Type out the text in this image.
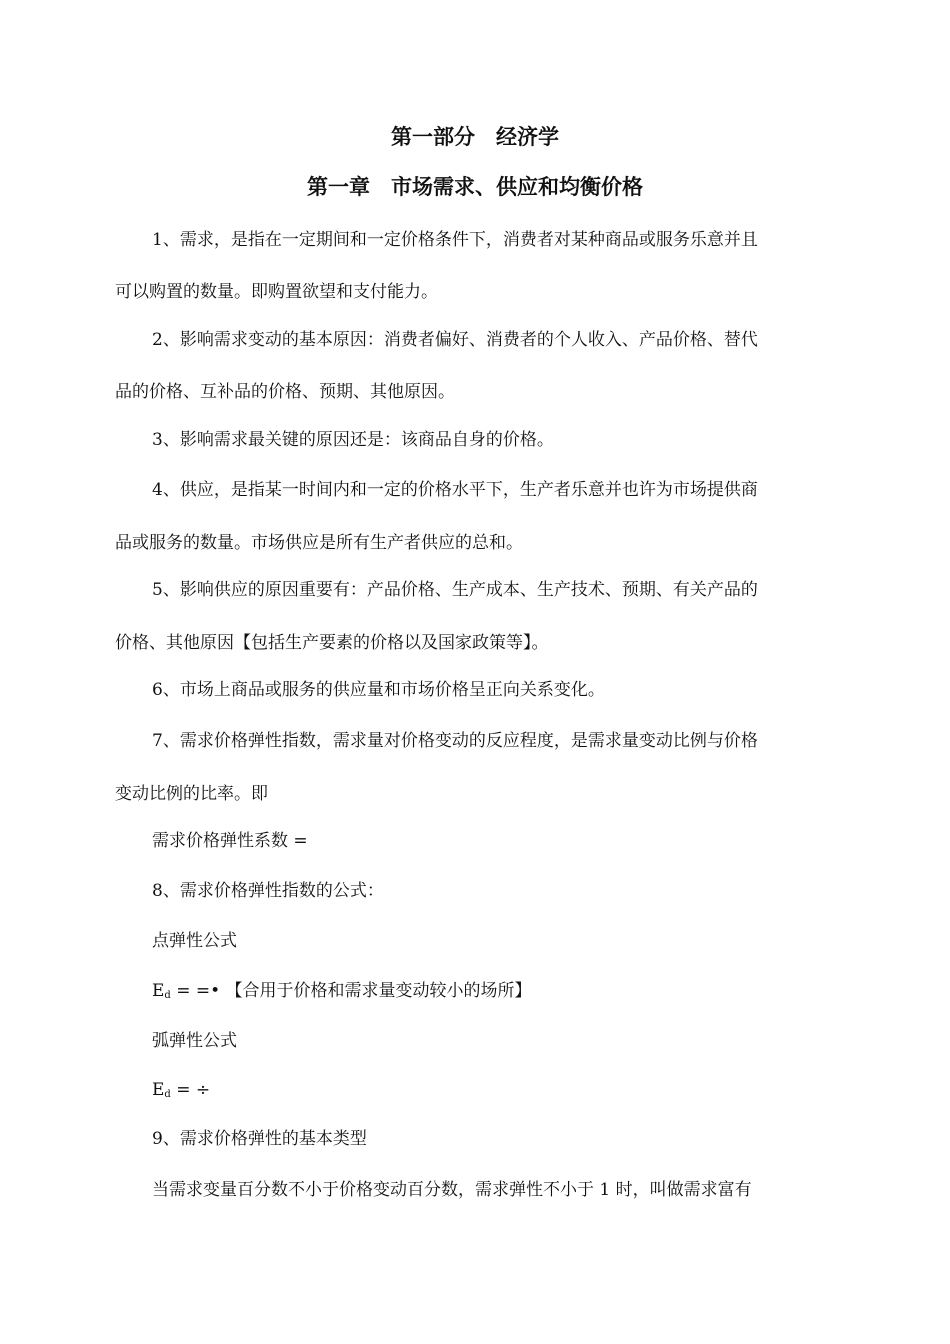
第一部分　经济学
第一章　市场需求、供应和均衡价格
1、需求，是指在一定期间和一定价格条件下，消费者对某种商品或服务乐意并且
可以购置的数量。即购置欲望和支付能力。
2、影响需求变动的基本原因：消费者偏好、消费者的个人收入、产品价格、替代
品的价格、互补品的价格、预期、其他原因。
3、影响需求最关键的原因还是：该商品自身的价格。
4、供应，是指某一时间内和一定的价格水平下，生产者乐意并也许为市场提供商
品或服务的数量。市场供应是所有生产者供应的总和。
5、影响供应的原因重要有：产品价格、生产成本、生产技术、预期、有关产品的
价格、其他原因【包括生产要素的价格以及国家政策等】。
6、市场上商品或服务的供应量和市场价格呈正向关系变化。
7、需求价格弹性指数，需求量对价格变动的反应程度，是需求量变动比例与价格
变动比例的比率。即
需求价格弹性系数 =
8、需求价格弹性指数的公式：
点弹性公式
$E_d$ = =• 【合用于价格和需求量变动较小的场所】
弧弹性公式
$E_d$ = ÷
9、需求价格弹性的基本类型
当需求变量百分数不小于价格变动百分数，需求弹性不小于 1 时，叫做需求富有
